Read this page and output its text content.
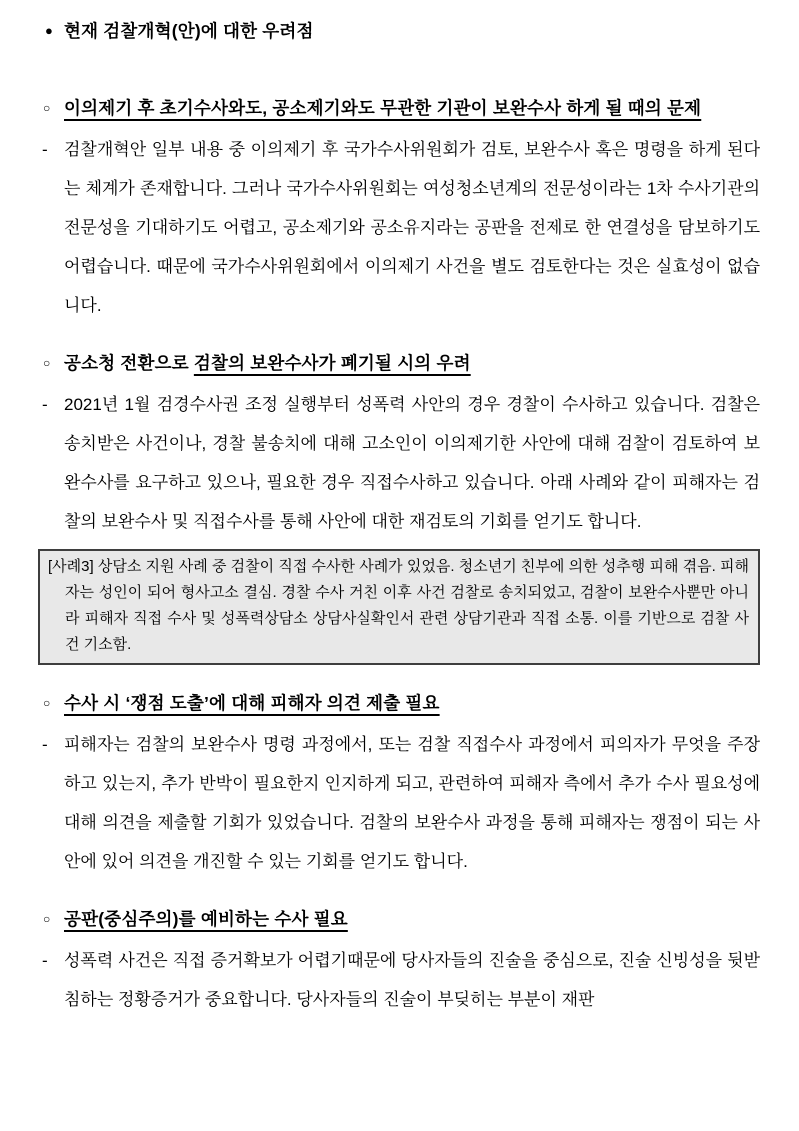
● 현재 검찰개혁(안)에 대한 우려점
○ 이의제기 후 초기수사와도, 공소제기와도 무관한 기관이 보완수사 하게 될 때의 문제
- 검찰개혁안 일부 내용 중 이의제기 후 국가수사위원회가 검토, 보완수사 혹은 명령을 하게 된다는 체계가 존재합니다. 그러나 국가수사위원회는 여성청소년계의 전문성이라는 1차 수사기관의 전문성을 기대하기도 어렵고, 공소제기와 공소유지라는 공판을 전제로 한 연결성을 담보하기도 어렵습니다. 때문에 국가수사위원회에서 이의제기 사건을 별도 검토한다는 것은 실효성이 없습니다.
○ 공소청 전환으로 검찰의 보완수사가 폐기될 시의 우려
- 2021년 1월 검경수사권 조정 실행부터 성폭력 사안의 경우 경찰이 수사하고 있습니다. 검찰은 송치받은 사건이나, 경찰 불송치에 대해 고소인이 이의제기한 사안에 대해 검찰이 검토하여 보완수사를 요구하고 있으나, 필요한 경우 직접수사하고 있습니다. 아래 사례와 같이 피해자는 검찰의 보완수사 및 직접수사를 통해 사안에 대한 재검토의 기회를 얻기도 합니다.
[사례3] 상담소 지원 사례 중 검찰이 직접 수사한 사례가 있었음. 청소년기 친부에 의한 성추행 피해 겪음. 피해자는 성인이 되어 형사고소 결심. 경찰 수사 거친 이후 사건 검찰로 송치되었고, 검찰이 보완수사뿐만 아니라 피해자 직접 수사 및 성폭력상담소 상담사실확인서 관련 상담기관과 직접 소통. 이를 기반으로 검찰 사건 기소함.
○ 수사 시 ‘쟁점 도출’에 대해 피해자 의견 제출 필요
- 피해자는 검찰의 보완수사 명령 과정에서, 또는 검찰 직접수사 과정에서 피의자가 무엇을 주장하고 있는지, 추가 반박이 필요한지 인지하게 되고, 관련하여 피해자 측에서 추가 수사 필요성에 대해 의견을 제출할 기회가 있었습니다. 검찰의 보완수사 과정을 통해 피해자는 쟁점이 되는 사안에 있어 의견을 개진할 수 있는 기회를 얻기도 합니다.
○ 공판(중심주의)를 예비하는 수사 필요
- 성폭력 사건은 직접 증거확보가 어렵기때문에 당사자들의 진술을 중심으로, 진술 신빙성을 뒷받침하는 정황증거가 중요합니다. 당사자들의 진술이 부딪히는 부분이 재판
